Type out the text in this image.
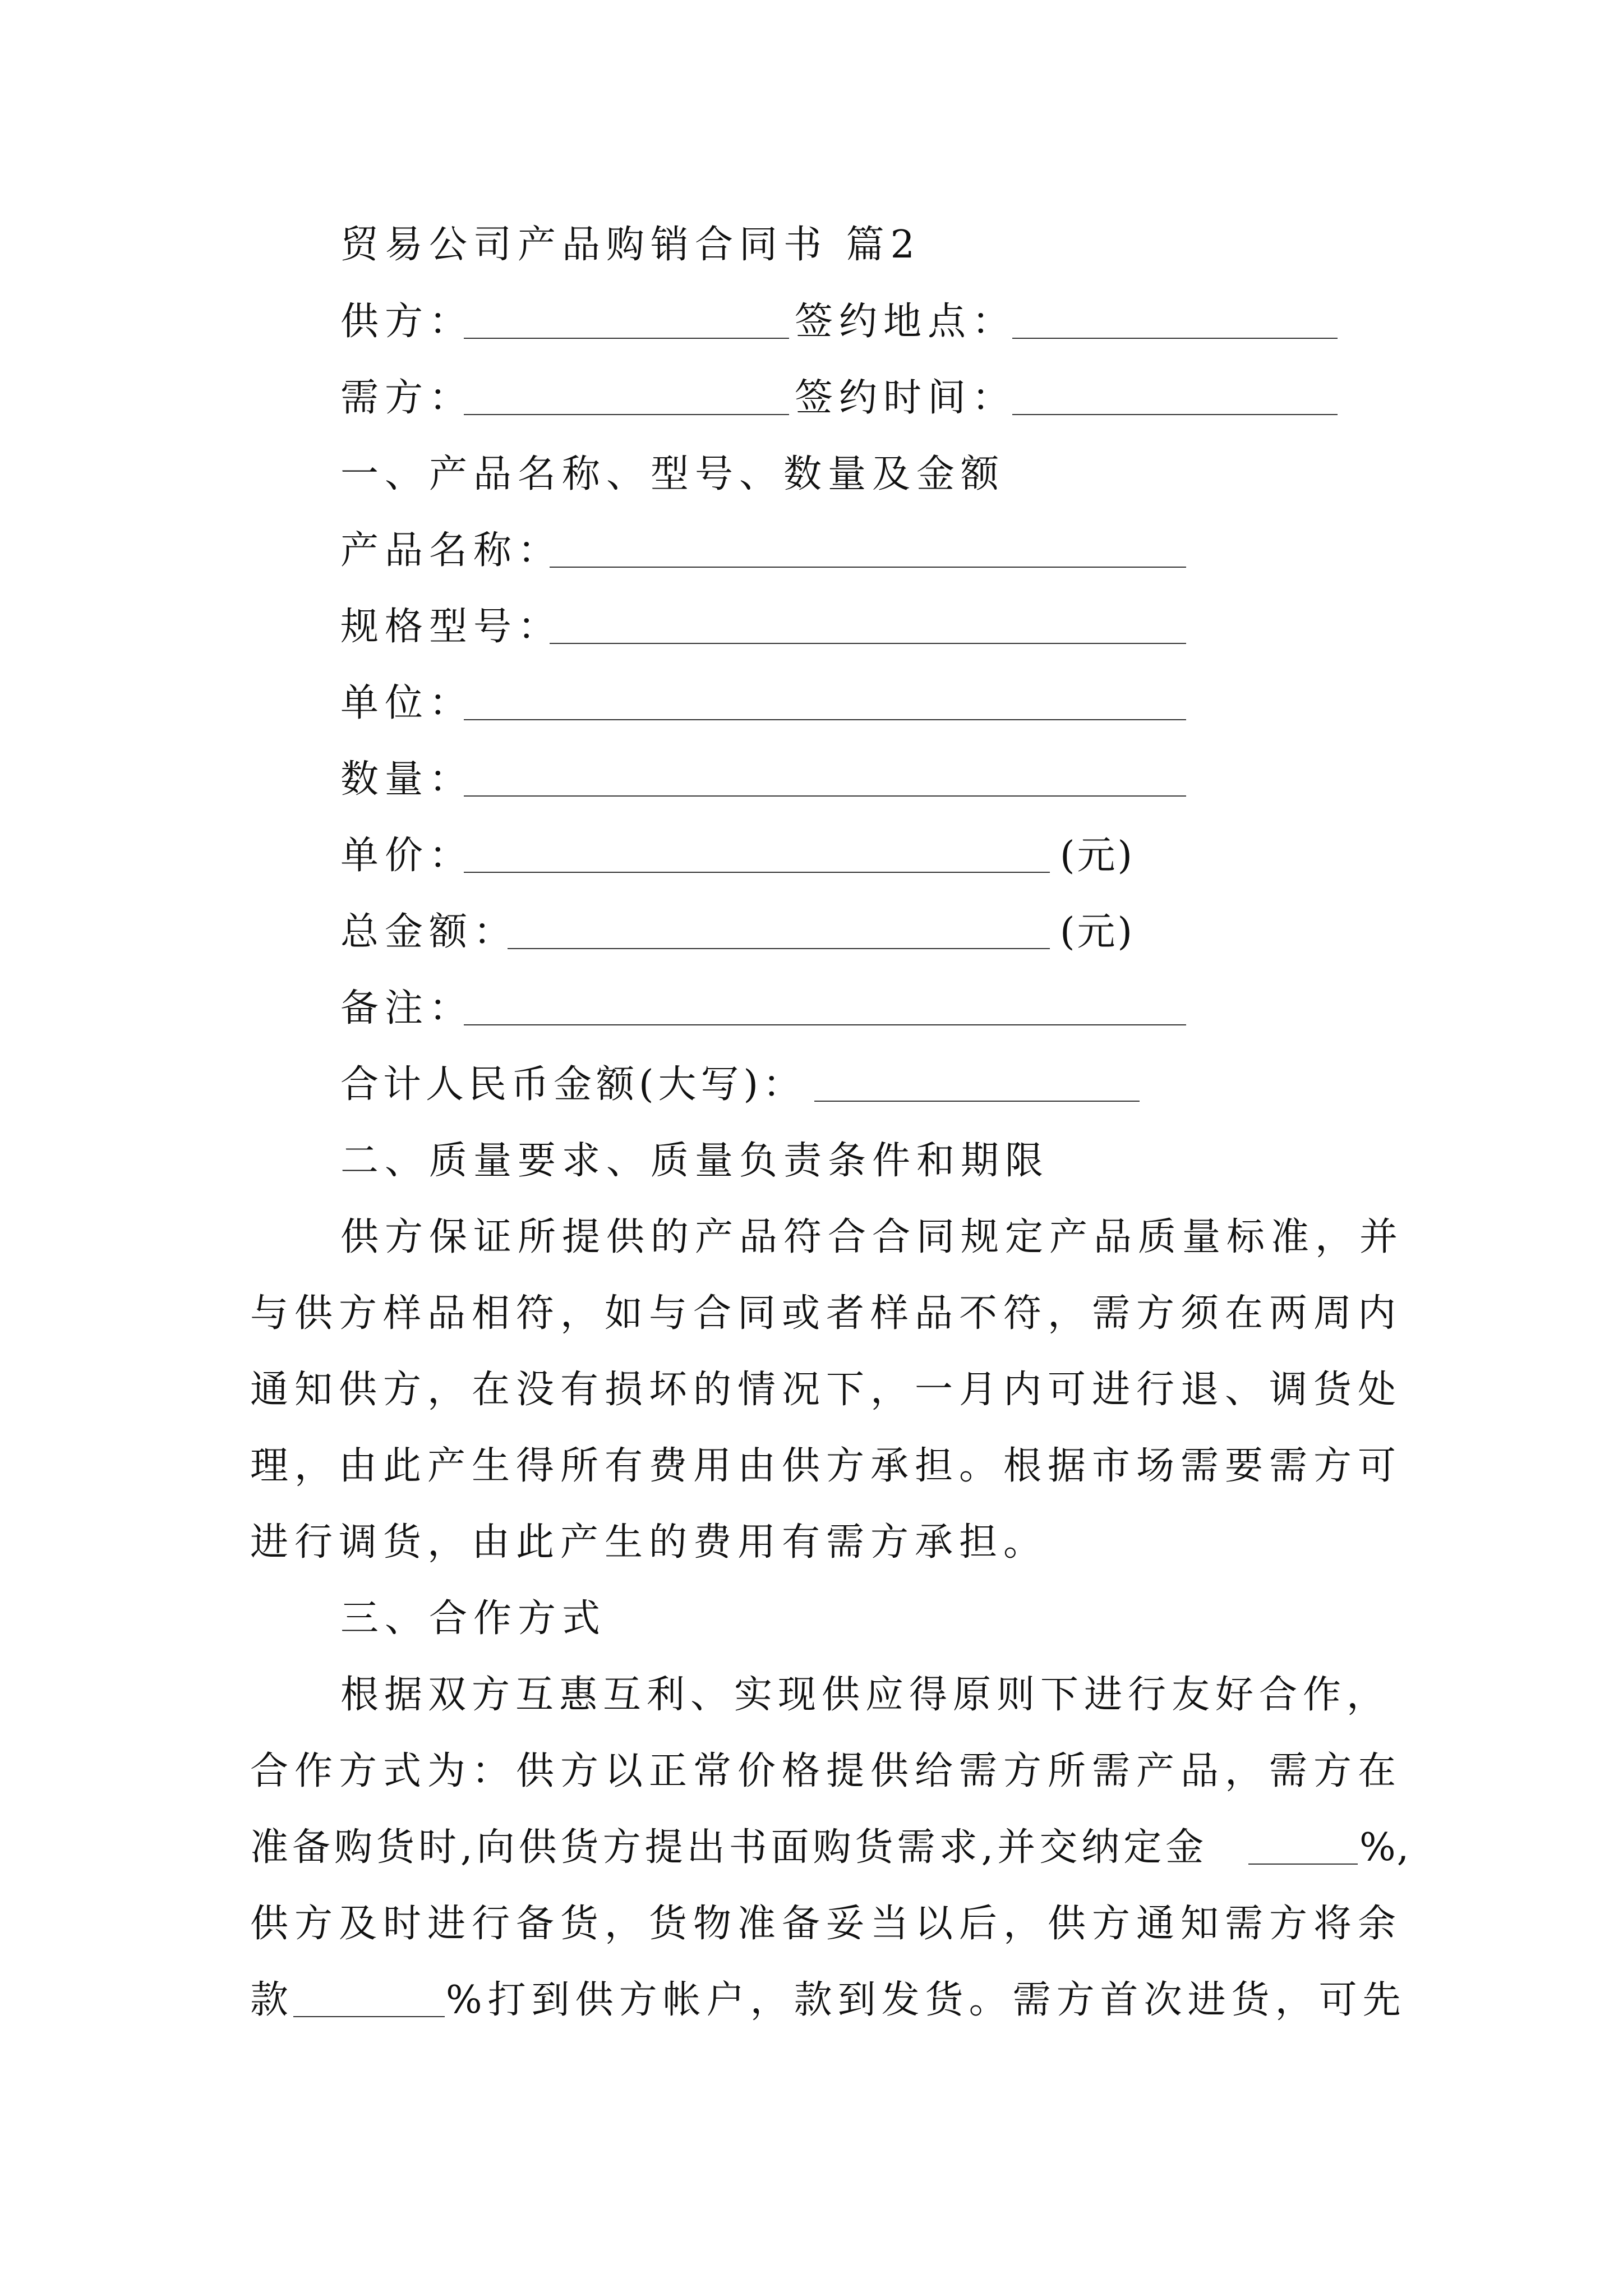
贸易公司产品购销合同书 篇2
供方：	签约地点：
需方：	签约时间：
一、产品名称、型号、数量及金额
产品名称：
规格型号：
单位：
数量：
单价：	(元)
总金额：	(元)
备注：
合计人民币金额(大写)：
二、质量要求、质量负责条件和期限
供方保证所提供的产品符合合同规定产品质量标准，并
与供方样品相符，如与合同或者样品不符，需方须在两周内
通知供方，在没有损坏的情况下，一月内可进行退、调货处
理，由此产生得所有费用由供方承担。根据市场需要需方可
进行调货，由此产生的费用有需方承担。
三、合作方式
根据双方互惠互利、实现供应得原则下进行友好合作，
合作方式为：供方以正常价格提供给需方所需产品，需方在
准备购货时,向供货方提出书面购货需求,并交纳定金	%,
供方及时进行备货，货物准备妥当以后，供方通知需方将余
款	%打到供方帐户，款到发货。需方首次进货，可先
